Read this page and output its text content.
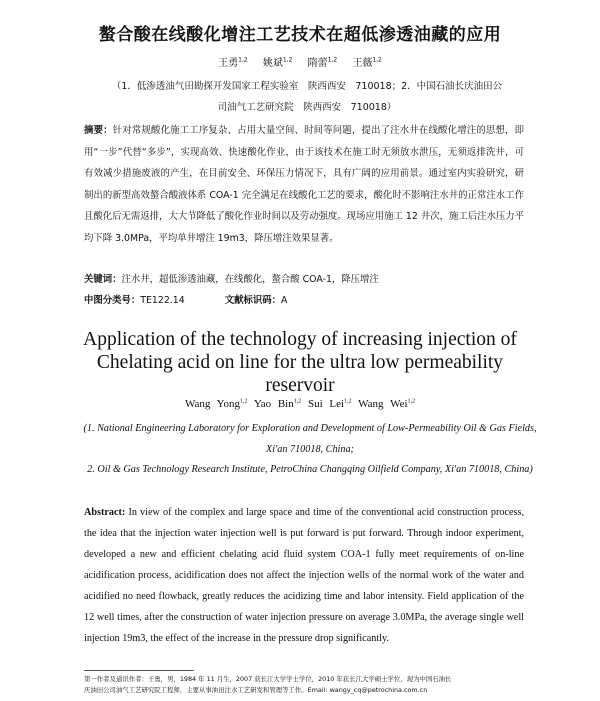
螯合酸在线酸化增注工艺技术在超低渗透油藏的应用
王勇$^{1,2}$ 姚斌$^{1,2}$ 隋蕾$^{1,2}$ 王薇$^{1,2}$
（1．低渗透油气田勘探开发国家工程实验室　陕西西安　710018；2．中国石油长庆油田公
司油气工艺研究院　陕西西安　710018）
摘要：针对常规酸化施工工序复杂、占用大量空间、时间等问题，提出了注水井在线酸化增注的思想，即用“一步”代替“多步”，实现高效、快速酸化作业，由于该技术在施工时无须放水泄压，无须返排洗井，可有效减少措施废液的产生，在目前安全、环保压力情况下，具有广阔的应用前景。通过室内实验研究，研制出的新型高效螯合酸液体系 COA-1 完全满足在线酸化工艺的要求，酸化时不影响注水井的正常注水工作且酸化后无需返排，大大节降低了酸化作业时间以及劳动强度。现场应用施工 12 井次，施工后注水压力平均下降 3.0MPa，平均单井增注 19m3，降压增注效果显著。
关键词：注水井，超低渗透油藏，在线酸化，螯合酸 COA-1，降压增注
中图分类号：TE122.14	文献标识码：A
Application of the technology of increasing injection of Chelating acid on line for the ultra low permeability reservoir
Wang Yong$^{1,2}$ Yao Bin$^{1,2}$ Sui Lei$^{1,2}$ Wang Wei$^{1,2}$
(1. National Engineering Laboratory for Exploration and Development of Low-Permeability Oil & Gas Fields, Xi'an 710018, China;
2. Oil & Gas Technology Research Institute, PetroChina Changqing Oilfield Company, Xi'an 710018, China)
Abstract: In view of the complex and large space and time of the conventional acid construction process, the idea that the injection water injection well is put forward is put forward. Through indoor experiment, developed a new and efficient chelating acid fluid system COA-1 fully meet requirements of on-line acidification process, acidification does not affect the injection wells of the normal work of the water and acidified no need flowback, greatly reduces the acidizing time and labor intensity. Field application of the 12 well times, after the construction of water injection pressure on average 3.0MPa, the average single well injection 19m3, the effect of the increase in the pressure drop significantly.
第一作者及通讯作者：王勇，男，1984 年 11 月生，2007 获长江大学学士学位，2010 年获长江大学硕士学位，现为中国石油长
庆油田公司油气工艺研究院工程师，主要从事油田注水工艺研发和管理等工作。Email: wangy_cq@petrochina.com.cn
